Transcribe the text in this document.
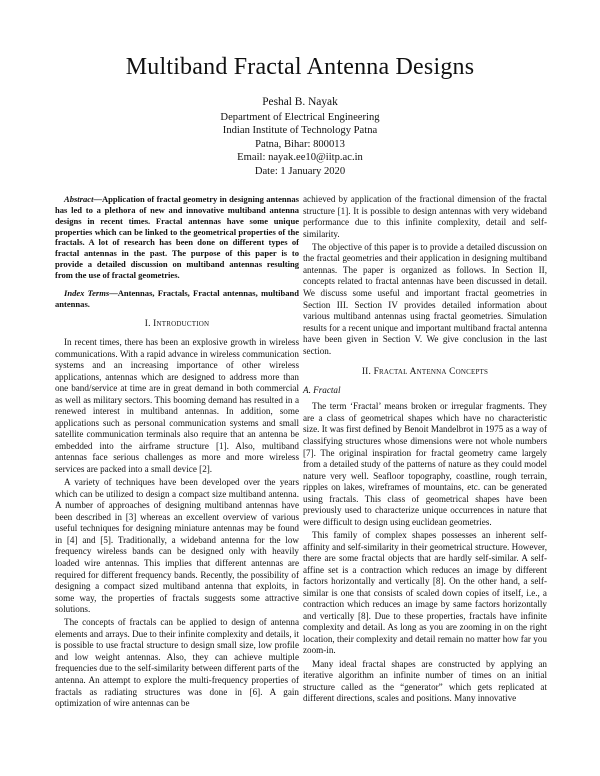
Multiband Fractal Antenna Designs
Peshal B. Nayak
Department of Electrical Engineering
Indian Institute of Technology Patna
Patna, Bihar: 800013
Email: nayak.ee10@iitp.ac.in
Date: 1 January 2020

Abstract—Application of fractal geometry in designing antennas has led to a plethora of new and innovative multiband antenna designs in recent times. Fractal antennas have some unique properties which can be linked to the geometrical properties of the fractals. A lot of research has been done on different types of fractal antennas in the past. The purpose of this paper is to provide a detailed discussion on multiband antennas resulting from the use of fractal geometries.

Index Terms—Antennas, Fractals, Fractal antennas, multiband antennas.

I. Introduction

In recent times, there has been an explosive growth in wireless communications. With a rapid advance in wireless communication systems and an increasing importance of other wireless applications, antennas which are designed to address more than one band/service at time are in great demand in both commercial as well as military sectors. This booming demand has resulted in a renewed interest in multiband antennas. In addition, some applications such as personal communication systems and small satellite communication terminals also require that an antenna be embedded into the airframe structure [1]. Also, multiband antennas face serious challenges as more and more wireless services are packed into a small device [2].

A variety of techniques have been developed over the years which can be utilized to design a compact size multiband antenna. A number of approaches of designing multiband antennas have been described in [3] whereas an excellent overview of various useful techniques for designing miniature antennas may be found in [4] and [5]. Traditionally, a wideband antenna for the low frequency wireless bands can be designed only with heavily loaded wire antennas. This implies that different antennas are required for different frequency bands. Recently, the possibility of designing a compact sized multiband antenna that exploits, in some way, the properties of fractals suggests some attractive solutions.

The concepts of fractals can be applied to design of antenna elements and arrays. Due to their infinite complexity and details, it is possible to use fractal structure to design small size, low profile and low weight antennas. Also, they can achieve multiple frequencies due to the self-similarity between different parts of the antenna. An attempt to explore the multi-frequency properties of fractals as radiating structures was done in [6]. A gain optimization of wire antennas can be

achieved by application of the fractional dimension of the fractal structure [1]. It is possible to design antennas with very wideband performance due to this infinite complexity, detail and self-similarity.

The objective of this paper is to provide a detailed discussion on the fractal geometries and their application in designing multiband antennas. The paper is organized as follows. In Section II, concepts related to fractal antennas have been discussed in detail. We discuss some useful and important fractal geometries in Section III. Section IV provides detailed information about various multiband antennas using fractal geometries. Simulation results for a recent unique and important multiband fractal antenna have been given in Section V. We give conclusion in the last section.

II. Fractal Antenna Concepts
A. Fractal

The term ‘Fractal’ means broken or irregular fragments. They are a class of geometrical shapes which have no characteristic size. It was first defined by Benoit Mandelbrot in 1975 as a way of classifying structures whose dimensions were not whole numbers [7]. The original inspiration for fractal geometry came largely from a detailed study of the patterns of nature as they could model nature very well. Seafloor topography, coastline, rough terrain, ripples on lakes, wireframes of mountains, etc. can be generated using fractals. This class of geometrical shapes have been previously used to characterize unique occurrences in nature that were difficult to design using euclidean geometries.

This family of complex shapes possesses an inherent self-affinity and self-similarity in their geometrical structure. However, there are some fractal objects that are hardly self-similar. A self-affine set is a contraction which reduces an image by different factors horizontally and vertically [8]. On the other hand, a self-similar is one that consists of scaled down copies of itself, i.e., a contraction which reduces an image by same factors horizontally and vertically [8]. Due to these properties, fractals have infinite complexity and detail. As long as you are zooming in on the right location, their complexity and detail remain no matter how far you zoom-in.

Many ideal fractal shapes are constructed by applying an iterative algorithm an infinite number of times on an initial structure called as the “generator” which gets replicated at different directions, scales and positions. Many innovative
